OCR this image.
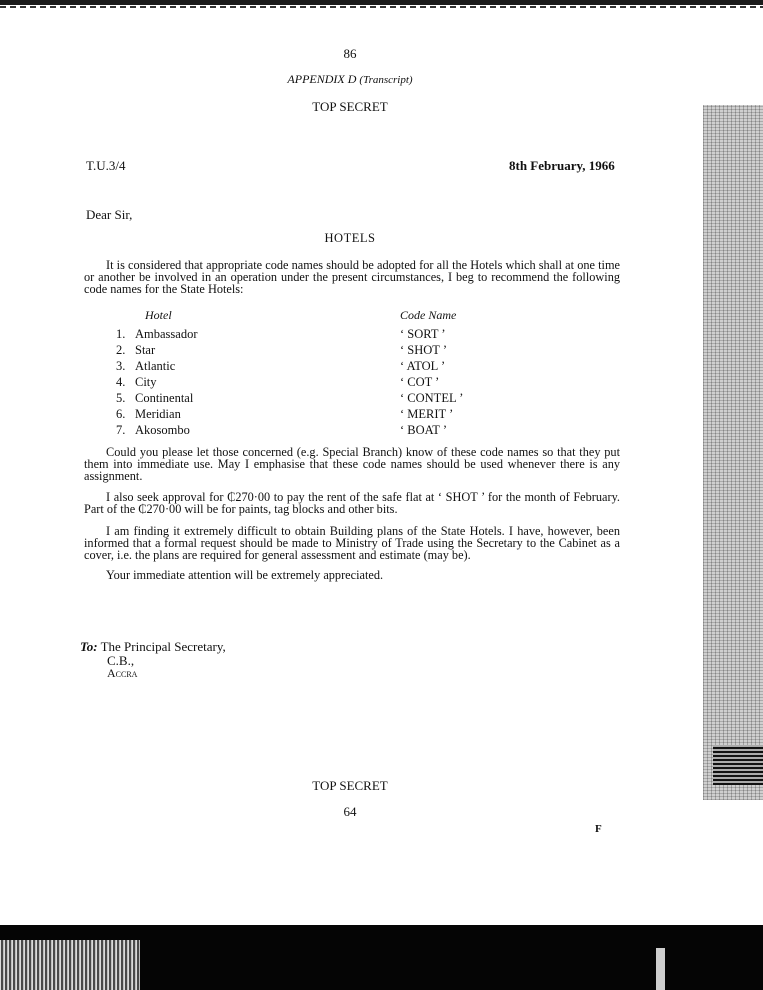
86
APPENDIX D (Transcript)
TOP SECRET
T.U.3/4	8th February, 1966
Dear Sir,
HOTELS
It is considered that appropriate code names should be adopted for all the Hotels which shall at one time or another be involved in an operation under the present circumstances, I beg to recommend the following code names for the State Hotels:
Hotel	Code Name
1. Ambassador	‘ SORT ’
2. Star	‘ SHOT ’
3. Atlantic	‘ ATOL ’
4. City	‘ COT ’
5. Continental	‘ CONTEL ’
6. Meridian	‘ MERIT ’
7. Akosombo	‘ BOAT ’
Could you please let those concerned (e.g. Special Branch) know of these code names so that they put them into immediate use. May I emphasise that these code names should be used whenever there is any assignment.
I also seek approval for ₵270·00 to pay the rent of the safe flat at ‘ SHOT ’ for the month of February. Part of the ₵270·00 will be for paints, tag blocks and other bits.
I am finding it extremely difficult to obtain Building plans of the State Hotels. I have, however, been informed that a formal request should be made to Ministry of Trade using the Secretary to the Cabinet as a cover, i.e. the plans are required for general assessment and estimate (may be).
Your immediate attention will be extremely appreciated.
To: The Principal Secretary,
C.B.,
Accra
TOP SECRET
64
F
